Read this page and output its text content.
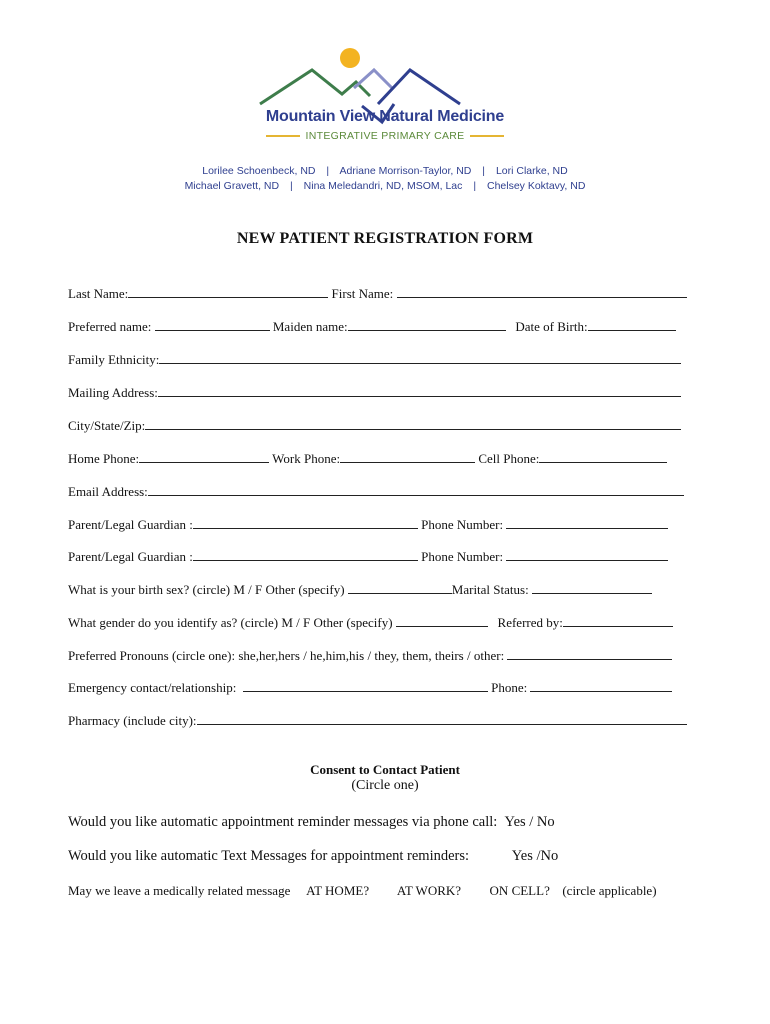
Mountain View Natural Medicine
INTEGRATIVE PRIMARY CARE
Lorilee Schoenbeck, ND | Adriane Morrison-Taylor, ND | Lori Clarke, ND
Michael Gravett, ND | Nina Meledandri, ND, MSOM, Lac | Chelsey Koktavy, ND
NEW PATIENT REGISTRATION FORM
Last Name:	First Name:
Preferred name:	Maiden name:	Date of Birth:
Family Ethnicity:
Mailing Address:
City/State/Zip:
Home Phone:	Work Phone:	Cell Phone:
Email Address:
Parent/Legal Guardian :	Phone Number:
Parent/Legal Guardian :	Phone Number:
What is your birth sex? (circle) M / F Other (specify)	Marital Status:
What gender do you identify as? (circle) M / F Other (specify)	Referred by:
Preferred Pronouns (circle one): she,her,hers / he,him,his / they, them, theirs / other:
Emergency contact/relationship:	Phone:
Pharmacy (include city):
Consent to Contact Patient
(Circle one)
Would you like automatic appointment reminder messages via phone call: Yes / No
Would you like automatic Text Messages for appointment reminders:	Yes /No
May we leave a medically related message AT HOME? AT WORK? ON CELL? (circle applicable)
